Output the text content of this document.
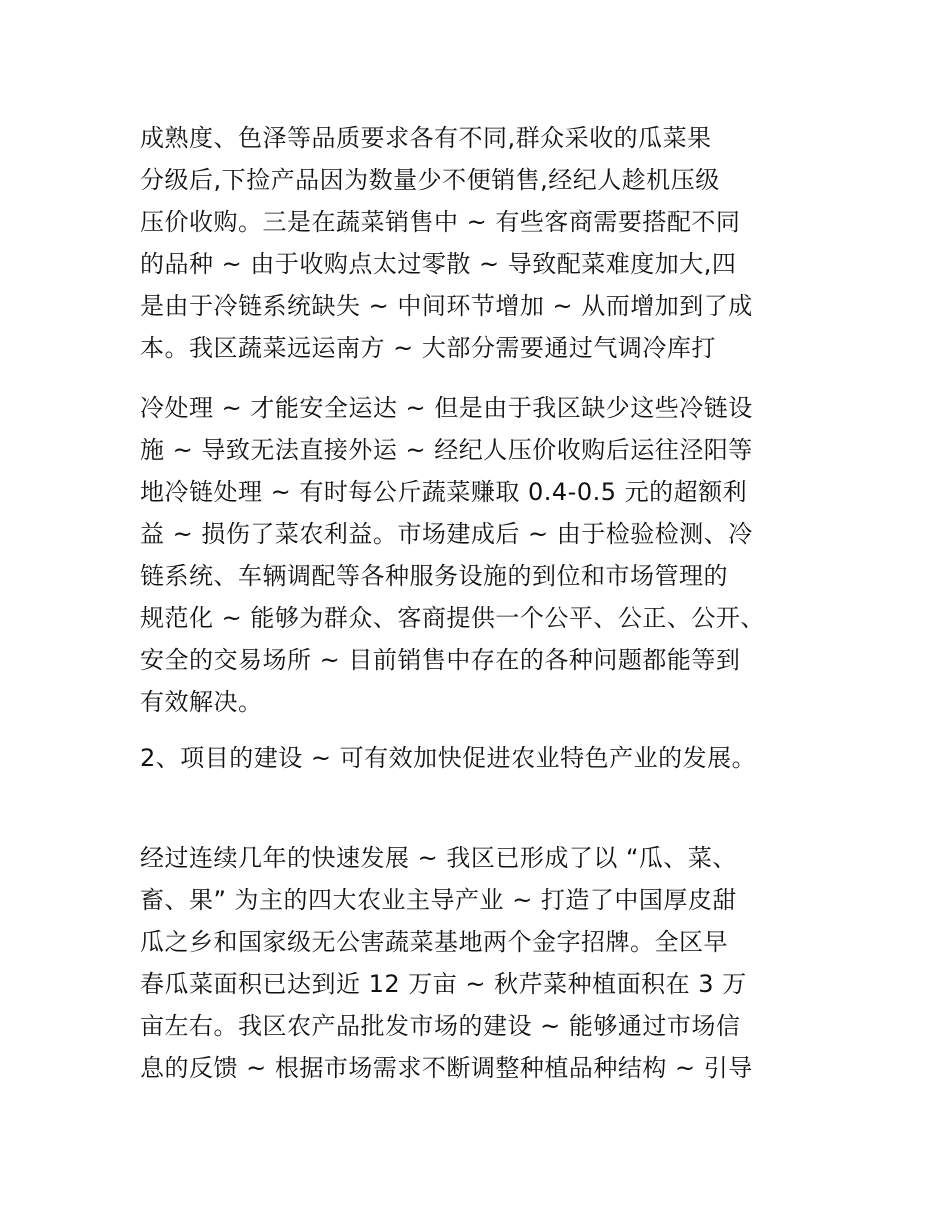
成熟度、色泽等品质要求各有不同,群众采收的瓜菜果
分级后,下捡产品因为数量少不便销售,经纪人趁机压级
压价收购。三是在蔬菜销售中 ~ 有些客商需要搭配不同
的品种 ~ 由于收购点太过零散 ~ 导致配菜难度加大,四
是由于冷链系统缺失 ~ 中间环节增加 ~ 从而增加到了成
本。我区蔬菜远运南方 ~ 大部分需要通过气调冷库打
冷处理 ~ 才能安全运达 ~ 但是由于我区缺少这些冷链设
施 ~ 导致无法直接外运 ~ 经纪人压价收购后运往泾阳等
地冷链处理 ~ 有时每公斤蔬菜赚取 0.4-0.5 元的超额利
益 ~ 损伤了菜农利益。市场建成后 ~ 由于检验检测、冷
链系统、车辆调配等各种服务设施的到位和市场管理的
规范化 ~ 能够为群众、客商提供一个公平、公正、公开、
安全的交易场所 ~ 目前销售中存在的各种问题都能等到
有效解决。
2、项目的建设 ~ 可有效加快促进农业特色产业的发展。
经过连续几年的快速发展 ~ 我区已形成了以 “瓜、菜、
畜、果” 为主的四大农业主导产业 ~ 打造了中国厚皮甜
瓜之乡和国家级无公害蔬菜基地两个金字招牌。全区早
春瓜菜面积已达到近 12 万亩 ~ 秋芹菜种植面积在 3 万
亩左右。我区农产品批发市场的建设 ~ 能够通过市场信
息的反馈 ~ 根据市场需求不断调整种植品种结构 ~ 引导
